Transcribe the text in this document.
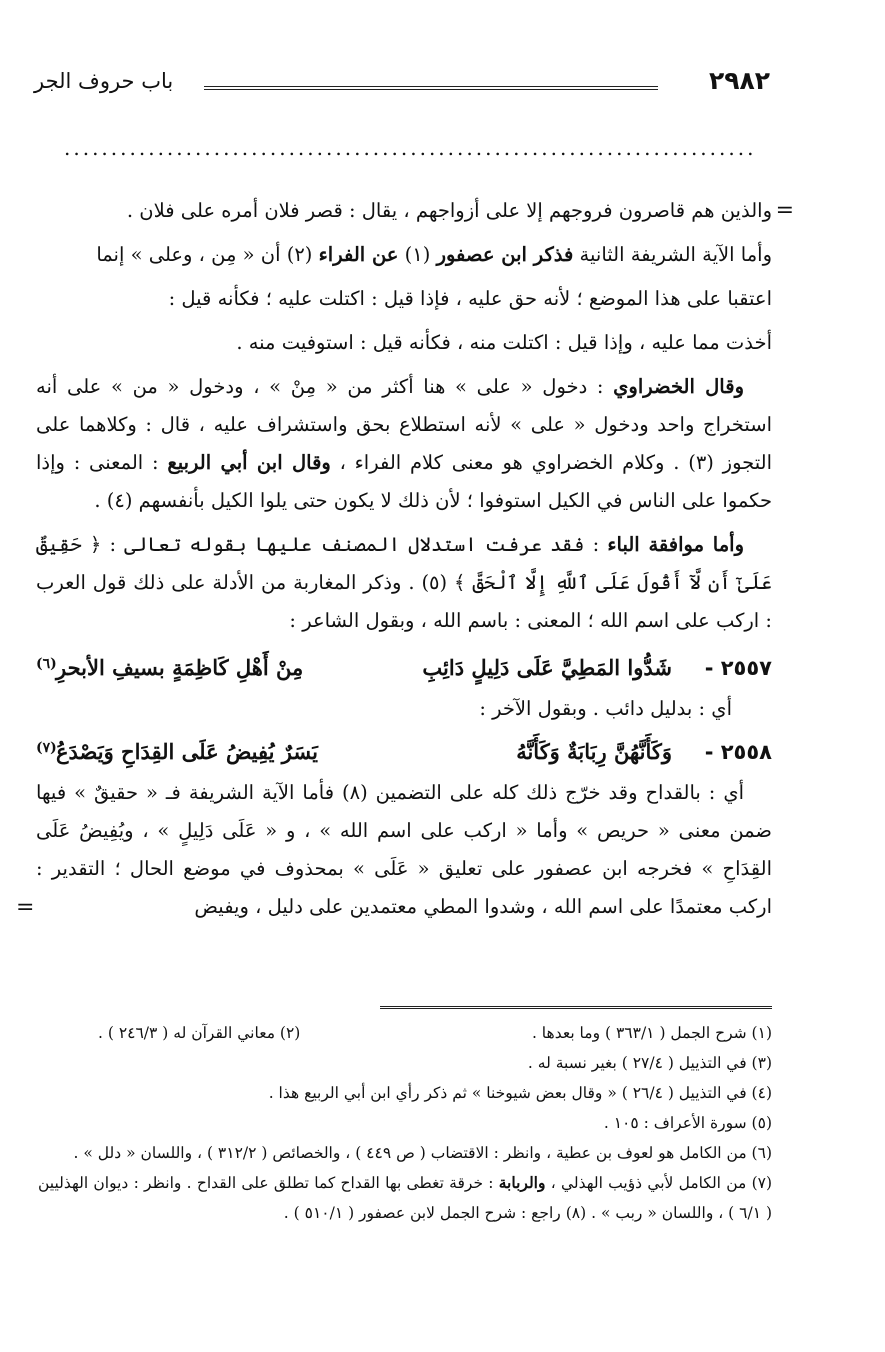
٢٩٨٢
باب حروف الجر
..........................................................................
=

والذين هم قاصرون فروجهم إلا على أزواجهم ، يقال : قصر فلان أمره على فلان .

وأما الآية الشريفة الثانية فذكر ابن عصفور (١) عن الفراء (٢) أن « مِن ، وعلى » إنما

اعتقبا على هذا الموضع ؛ لأنه حق عليه ، فإذا قيل : اكتلت عليه ؛ فكأنه قيل :

أخذت مما عليه ، وإذا قيل : اكتلت منه ، فكأنه قيل : استوفيت منه .

وقال الخضراوي : دخول « على » هنا أكثر من « مِنْ » ، ودخول « من » على أنه استخراج واحد ودخول « على » لأنه استطلاع بحق واستشراف عليه ، قال : وكلاهما على التجوز (٣) . وكلام الخضراوي هو معنى كلام الفراء ، وقال ابن أبي الربيع : المعنى : وإذا حكموا على الناس في الكيل استوفوا ؛ لأن ذلك لا يكون حتى يلوا الكيل بأنفسهم (٤) .

وأما موافقة الباء : فقد عرفت استدلال المصنف عليها بقوله تعالى : ﴿ حَقِيقٌ عَلَىٰٓ أَن لَّآ أَقُولَ عَلَى ٱللَّهِ إِلَّا ٱلْحَقَّ ﴾ (٥) . وذكر المغاربة من الأدلة على ذلك قول العرب : اركب على اسم الله ؛ المعنى : باسم الله ، وبقول الشاعر :

٢٥٥٧ -
شَدُّوا المَطِيَّ عَلَى دَلِيلٍ دَائِبِ
مِنْ أَهْلِ كَاظِمَةٍ بسيفِ الأبحرِ
(٦)

أي : بدليل دائب . وبقول الآخر :

٢٥٥٨ -
وَكَأَنَّهُنَّ رِبَابَةٌ وَكَأَنَّهُ
يَسَرٌ يُفِيضُ عَلَى القِدَاحِ وَيَصْدَعُ
(٧)

أي : بالقداح وقد خرّج ذلك كله على التضمين (٨) فأما الآية الشريفة فـ « حقيقٌ » فيها ضمن معنى « حريص » وأما « اركب على اسم الله » ، و « عَلَى دَلِيلٍ » ، ويُفِيضُ عَلَى القِدَاحِ » فخرجه ابن عصفور على تعليق « عَلَى » بمحذوف في موضع الحال ؛ التقدير : اركب معتمدًا على اسم الله ، وشدوا المطي معتمدين على دليل ، ويفيض

=

(١) شرح الجمل ( ٣٦٣/١ ) وما بعدها .

(٢) معاني القرآن له ( ٢٤٦/٣ ) .

(٣) في التذييل ( ٢٧/٤ ) بغير نسبة له .

(٤) في التذييل ( ٢٦/٤ ) « وقال بعض شيوخنا » ثم ذكر رأي ابن أبي الربيع هذا .

(٥) سورة الأعراف : ١٠٥ .

(٦) من الكامل هو لعوف بن عطية ، وانظر : الاقتضاب ( ص ٤٤٩ ) ، والخصائص ( ٣١٢/٢ ) ، واللسان « دلل » .

(٧) من الكامل لأبي ذؤيب الهذلي ، والربابة : خرقة تغطى بها القداح كما تطلق على القداح . وانظر : ديوان الهذليين ( ٦/١ ) ، واللسان « ربب » . (٨) راجع : شرح الجمل لابن عصفور ( ٥١٠/١ ) .
